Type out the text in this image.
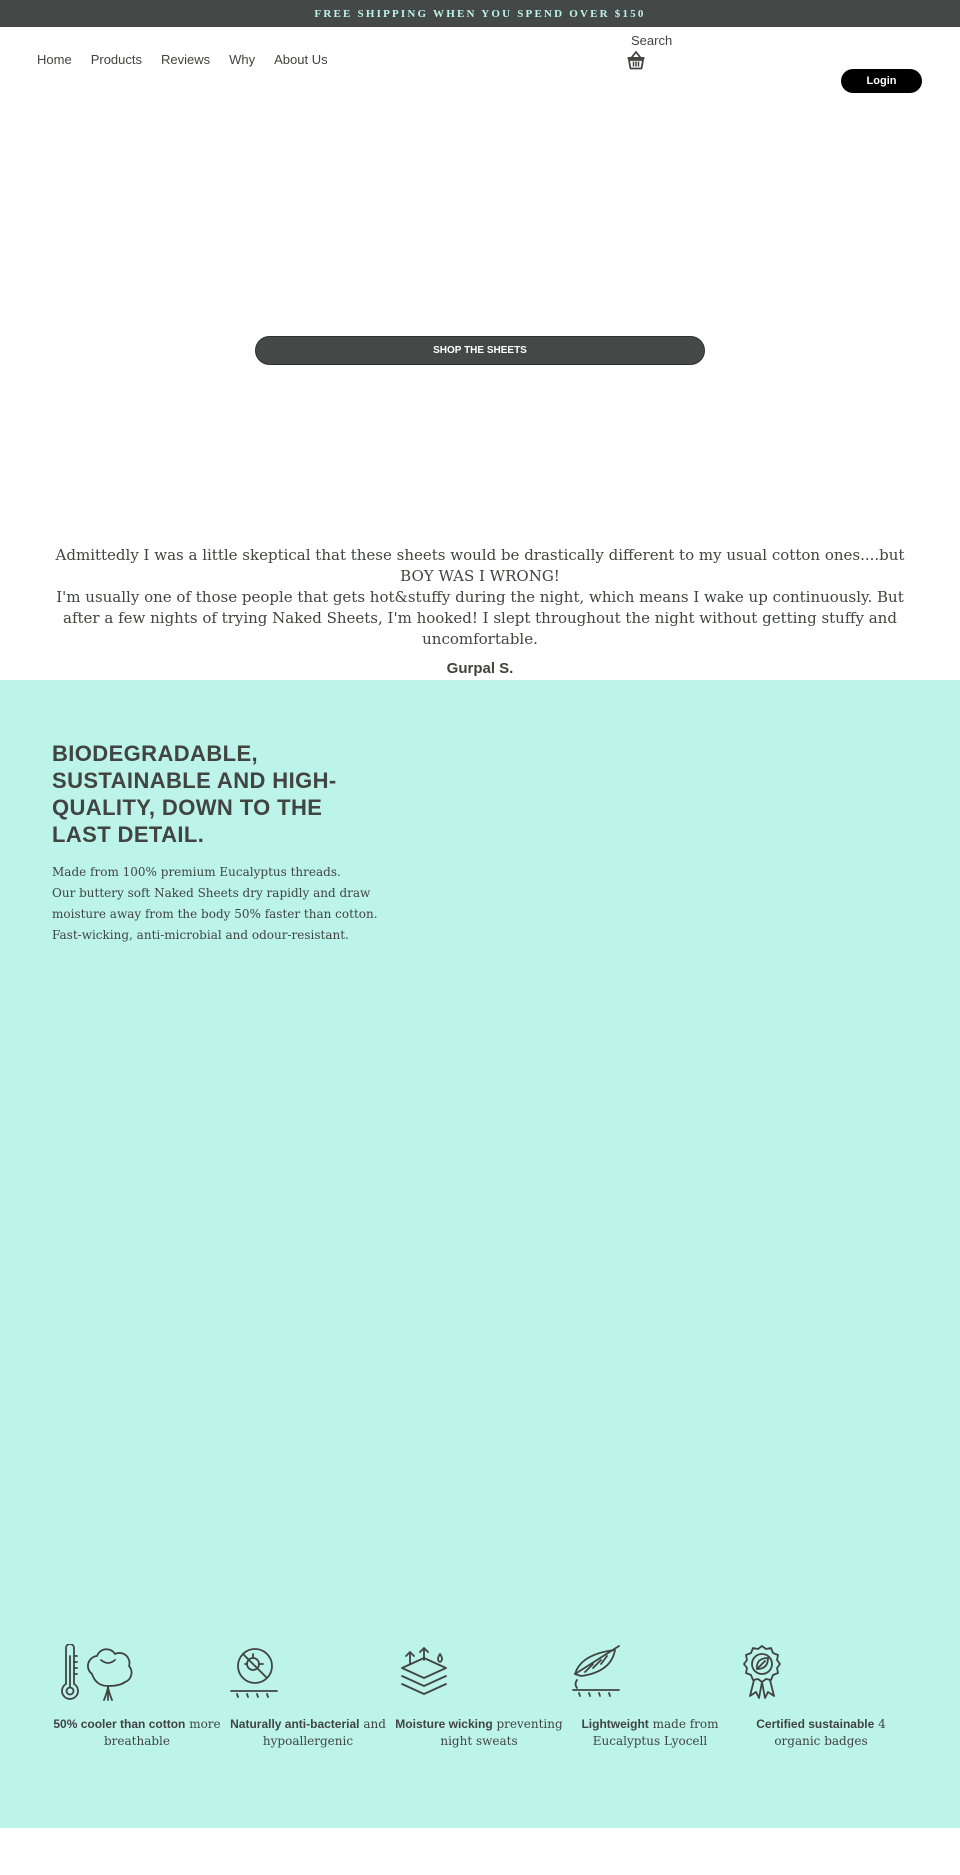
FREE SHIPPING WHEN YOU SPEND OVER $150
Home Products Reviews Why About Us
Search
Login
SHOP THE SHEETS
Admittedly I was a little skeptical that these sheets would be drastically different to my usual cotton ones....but BOY WAS I WRONG!
I'm usually one of those people that gets hot&stuffy during the night, which means I wake up continuously. But after a few nights of trying Naked Sheets, I'm hooked! I slept throughout the night without getting stuffy and uncomfortable.
Gurpal S.
BIODEGRADABLE, SUSTAINABLE AND HIGH-QUALITY, DOWN TO THE LAST DETAIL.

Made from 100% premium Eucalyptus threads.

Our buttery soft Naked Sheets dry rapidly and draw moisture away from the body 50% faster than cotton.

Fast-wicking, anti-microbial and odour-resistant.

50% cooler than cotton more breathable
Naturally anti-bacterial and hypoallergenic
Moisture wicking preventing night sweats
Lightweight made from Eucalyptus Lyocell
Certified sustainable 4 organic badges
